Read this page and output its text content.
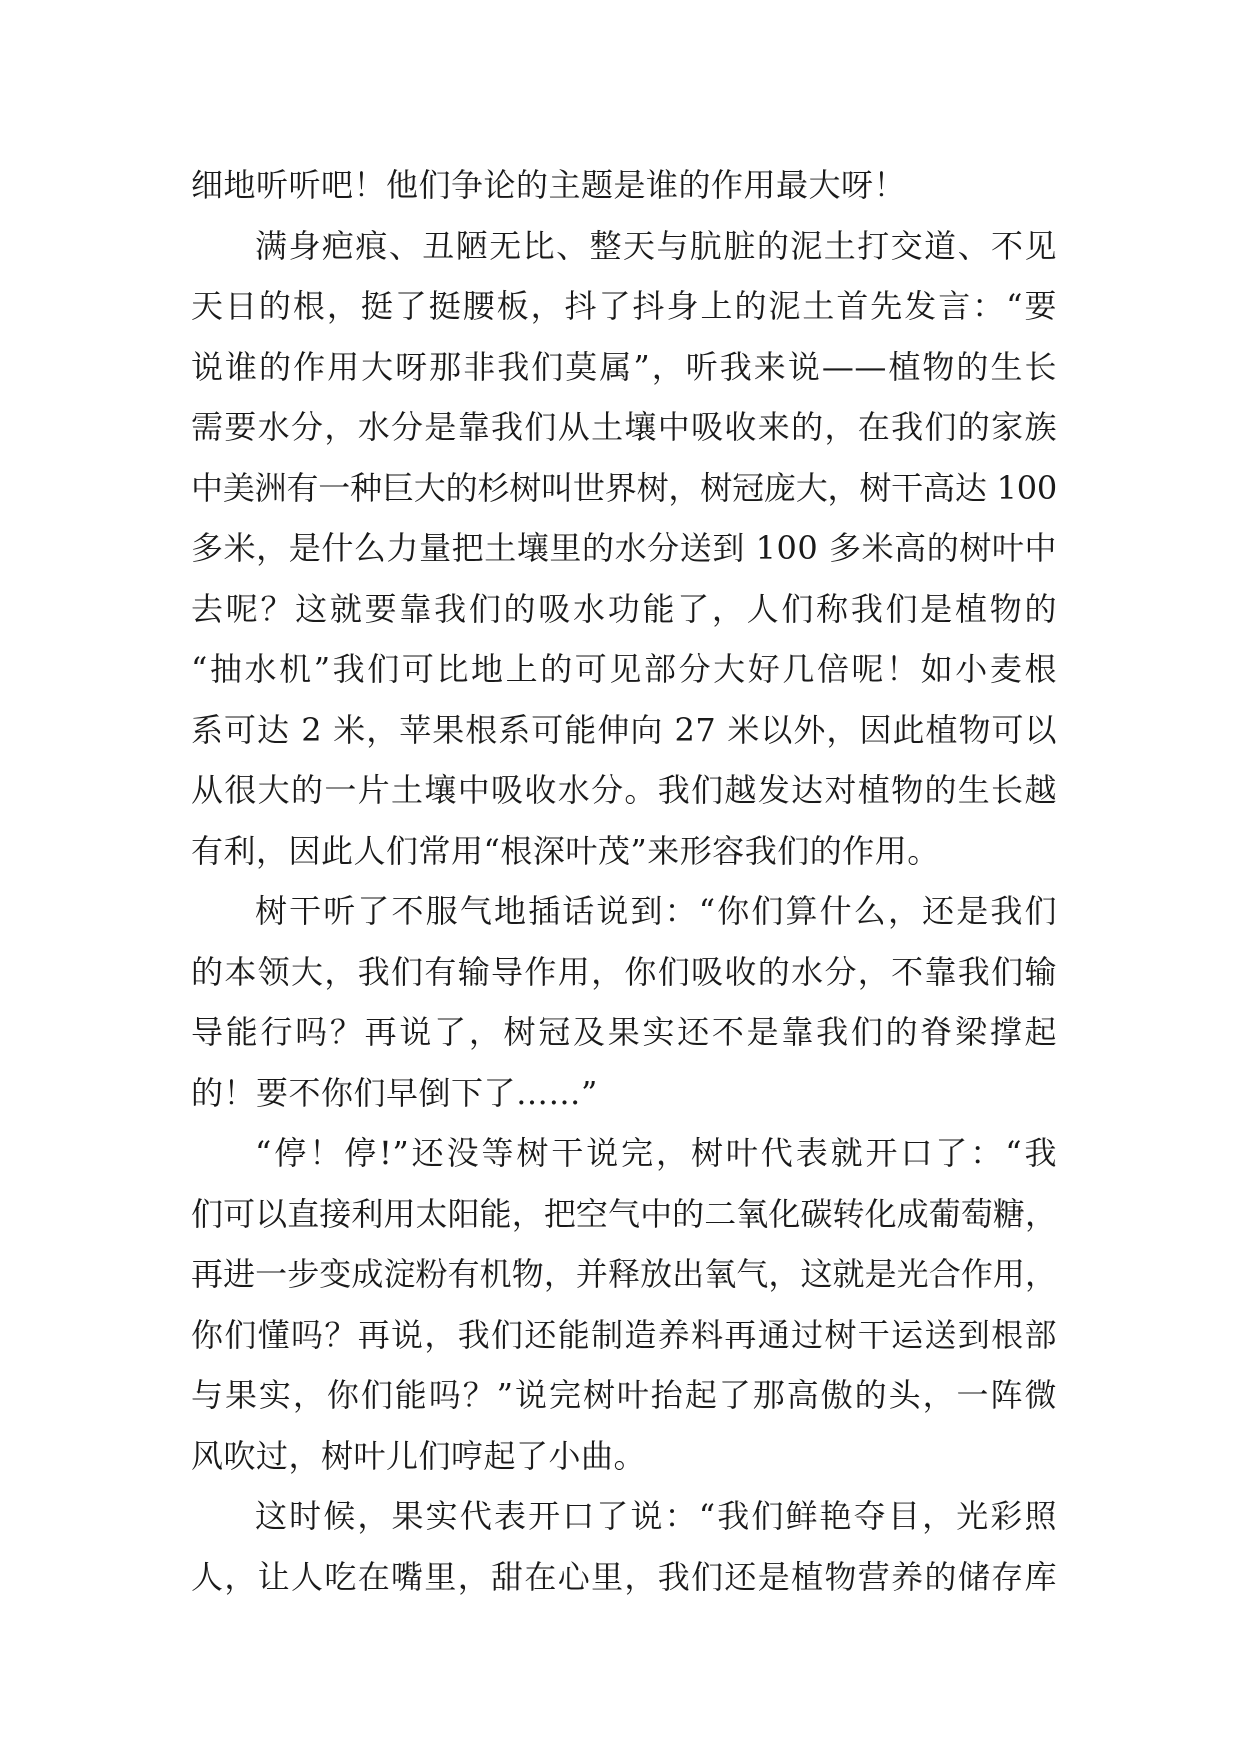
细地听听吧！他们争论的主题是谁的作用最大呀！
满身疤痕、丑陋无比、整天与肮脏的泥土打交道、不见
天日的根，挺了挺腰板，抖了抖身上的泥土首先发言：“要
说谁的作用大呀那非我们莫属”，听我来说——植物的生长
需要水分，水分是靠我们从土壤中吸收来的，在我们的家族
中美洲有一种巨大的杉树叫世界树，树冠庞大，树干高达 100
多米，是什么力量把土壤里的水分送到 100 多米高的树叶中
去呢？这就要靠我们的吸水功能了，人们称我们是植物的
“抽水机”我们可比地上的可见部分大好几倍呢！如小麦根
系可达 2 米，苹果根系可能伸向 27 米以外，因此植物可以
从很大的一片土壤中吸收水分。我们越发达对植物的生长越
有利，因此人们常用“根深叶茂”来形容我们的作用。
树干听了不服气地插话说到：“你们算什么，还是我们
的本领大，我们有输导作用，你们吸收的水分，不靠我们输
导能行吗？再说了，树冠及果实还不是靠我们的脊梁撑起
的！要不你们早倒下了……”
“停！停!”还没等树干说完，树叶代表就开口了：“我
们可以直接利用太阳能，把空气中的二氧化碳转化成葡萄糖，
再进一步变成淀粉有机物，并释放出氧气，这就是光合作用，
你们懂吗？再说，我们还能制造养料再通过树干运送到根部
与果实，你们能吗？”说完树叶抬起了那高傲的头，一阵微
风吹过，树叶儿们哼起了小曲。
这时候，果实代表开口了说：“我们鲜艳夺目，光彩照
人，让人吃在嘴里，甜在心里，我们还是植物营养的储存库
